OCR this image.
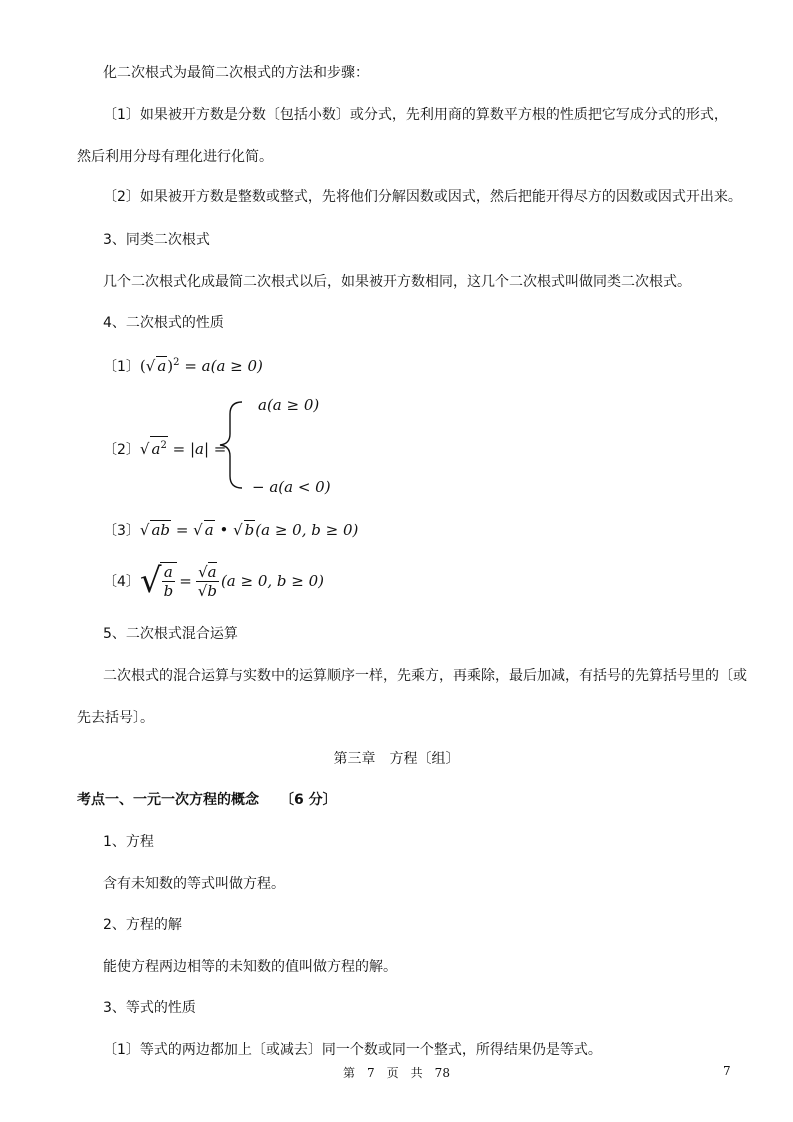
化二次根式为最简二次根式的方法和步骤：
〔1〕如果被开方数是分数〔包括小数〕或分式，先利用商的算数平方根的性质把它写成分式的形式，
然后利用分母有理化进行化简。
〔2〕如果被开方数是整数或整式，先将他们分解因数或因式，然后把能开得尽方的因数或因式开出来。
3、同类二次根式
几个二次根式化成最简二次根式以后，如果被开方数相同，这几个二次根式叫做同类二次根式。
4、二次根式的性质
〔1〕(√ a)$^2$ = a(a ≥ 0)
〔2〕√ $a^2 = |a|$ =
a(a ≥ 0)
− a(a < 0)
〔3〕√ ab = √ a • √ b(a ≥ 0, b ≥ 0)
〔4〕 √ $\frac{a}{b} = \frac{√a}{√b} (a \ge 0$, b ≥ 0)
5、二次根式混合运算
二次根式的混合运算与实数中的运算顺序一样，先乘方，再乘除，最后加减，有括号的先算括号里的〔或
先去括号〕。
第三章　方程〔组〕
考点一、一元一次方程的概念　　〔6 分〕
1、方程
含有未知数的等式叫做方程。
2、方程的解
能使方程两边相等的未知数的值叫做方程的解。
3、等式的性质
〔1〕等式的两边都加上〔或减去〕同一个数或同一个整式，所得结果仍是等式。
第　7　页　共　78	7
